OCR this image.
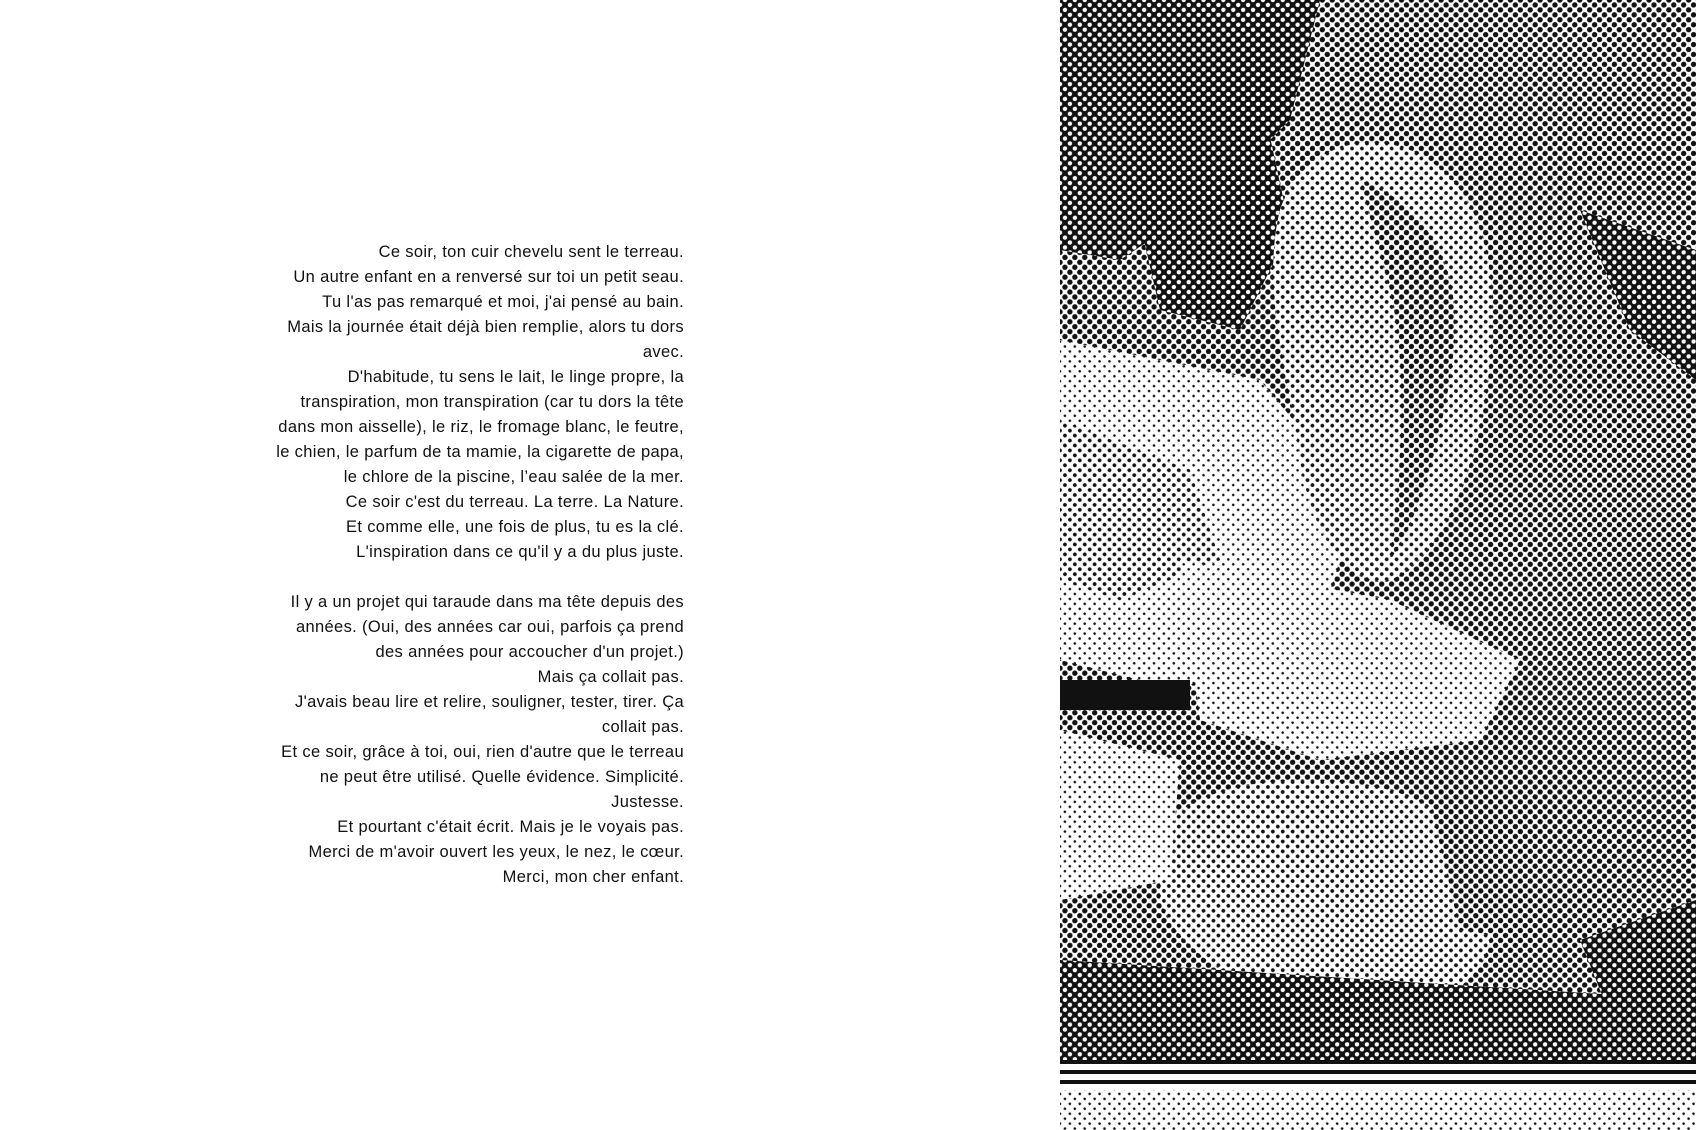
Ce soir, ton cuir chevelu sent le terreau.
Un autre enfant en a renversé sur toi un petit seau.
Tu l'as pas remarqué et moi, j'ai pensé au bain.
Mais la journée était déjà bien remplie, alors tu dors
avec.
D'habitude, tu sens le lait, le linge propre, la
transpiration, mon transpiration (car tu dors la tête
dans mon aisselle), le riz, le fromage blanc, le feutre,
le chien, le parfum de ta mamie, la cigarette de papa,
le chlore de la piscine, l’eau salée de la mer.
Ce soir c'est du terreau. La terre. La Nature.
Et comme elle, une fois de plus, tu es la clé.
L'inspiration dans ce qu'il y a du plus juste.
Il y a un projet qui taraude dans ma tête depuis des
années. (Oui, des années car oui, parfois ça prend
des années pour accoucher d'un projet.)
Mais ça collait pas.
J'avais beau lire et relire, souligner, tester, tirer. Ça
collait pas.
Et ce soir, grâce à toi, oui, rien d'autre que le terreau
ne peut être utilisé. Quelle évidence. Simplicité.
Justesse.
Et pourtant c'était écrit. Mais je le voyais pas.
Merci de m'avoir ouvert les yeux, le nez, le cœur.
Merci, mon cher enfant.
